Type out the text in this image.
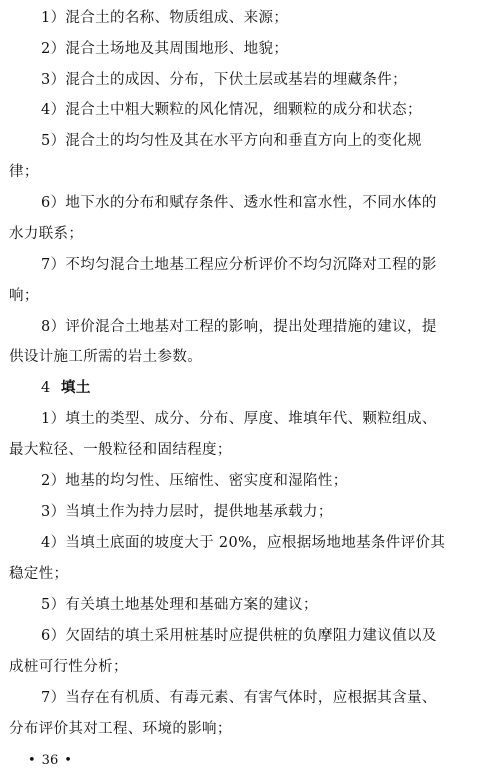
1）混合土的名称、物质组成、来源；
2）混合土场地及其周围地形、地貌；
3）混合土的成因、分布，下伏土层或基岩的埋藏条件；
4）混合土中粗大颗粒的风化情况，细颗粒的成分和状态；
5）混合土的均匀性及其在水平方向和垂直方向上的变化规
律；
6）地下水的分布和赋存条件、透水性和富水性，不同水体的
水力联系；
7）不均匀混合土地基工程应分析评价不均匀沉降对工程的影
响；
8）评价混合土地基对工程的影响，提出处理措施的建议，提
供设计施工所需的岩土参数。
4 填土
1）填土的类型、成分、分布、厚度、堆填年代、颗粒组成、
最大粒径、一般粒径和固结程度；
2）地基的均匀性、压缩性、密实度和湿陷性；
3）当填土作为持力层时，提供地基承载力；
4）当填土底面的坡度大于 20%，应根据场地地基条件评价其
稳定性；
5）有关填土地基处理和基础方案的建议；
6）欠固结的填土采用桩基时应提供桩的负摩阻力建议值以及
成桩可行性分析；
7）当存在有机质、有毒元素、有害气体时，应根据其含量、
分布评价其对工程、环境的影响；
• 36 •
